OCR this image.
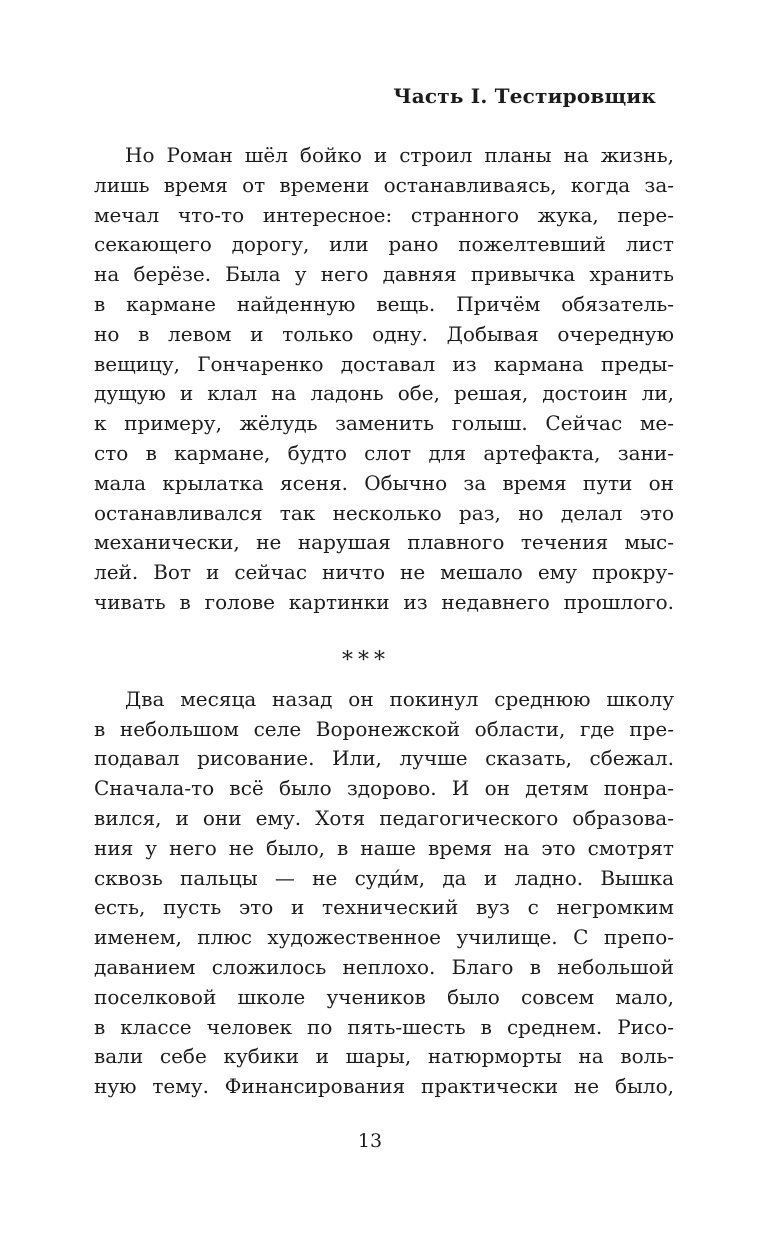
Часть I. Тестировщик
Но Роман шёл бойко и строил планы на жизнь,
лишь время от времени останавливаясь, когда за-
мечал что-то интересное: странного жука, пере-
секающего дорогу, или рано пожелтевший лист
на берёзе. Была у него давняя привычка хранить
в кармане найденную вещь. Причём обязатель-
но в левом и только одну. Добывая очередную
вещицу, Гончаренко доставал из кармана преды-
дущую и клал на ладонь обе, решая, достоин ли,
к примеру, жёлудь заменить голыш. Сейчас ме-
сто в кармане, будто слот для артефакта, зани-
мала крылатка ясеня. Обычно за время пути он
останавливался так несколько раз, но делал это
механически, не нарушая плавного течения мыс-
лей. Вот и сейчас ничто не мешало ему прокру-
чивать в голове картинки из недавнего прошлого.
***
Два месяца назад он покинул среднюю школу
в небольшом селе Воронежской области, где пре-
подавал рисование. Или, лучше сказать, сбежал.
Сначала-то всё было здорово. И он детям понра-
вился, и они ему. Хотя педагогического образова-
ния у него не было, в наше время на это смотрят
сквозь пальцы — не суди́м, да и ладно. Вышка
есть, пусть это и технический вуз с негромким
именем, плюс художественное училище. С препо-
даванием сложилось неплохо. Благо в небольшой
поселковой школе учеников было совсем мало,
в классе человек по пять-шесть в среднем. Рисо-
вали себе кубики и шары, натюрморты на воль-
ную тему. Финансирования практически не было,
13
